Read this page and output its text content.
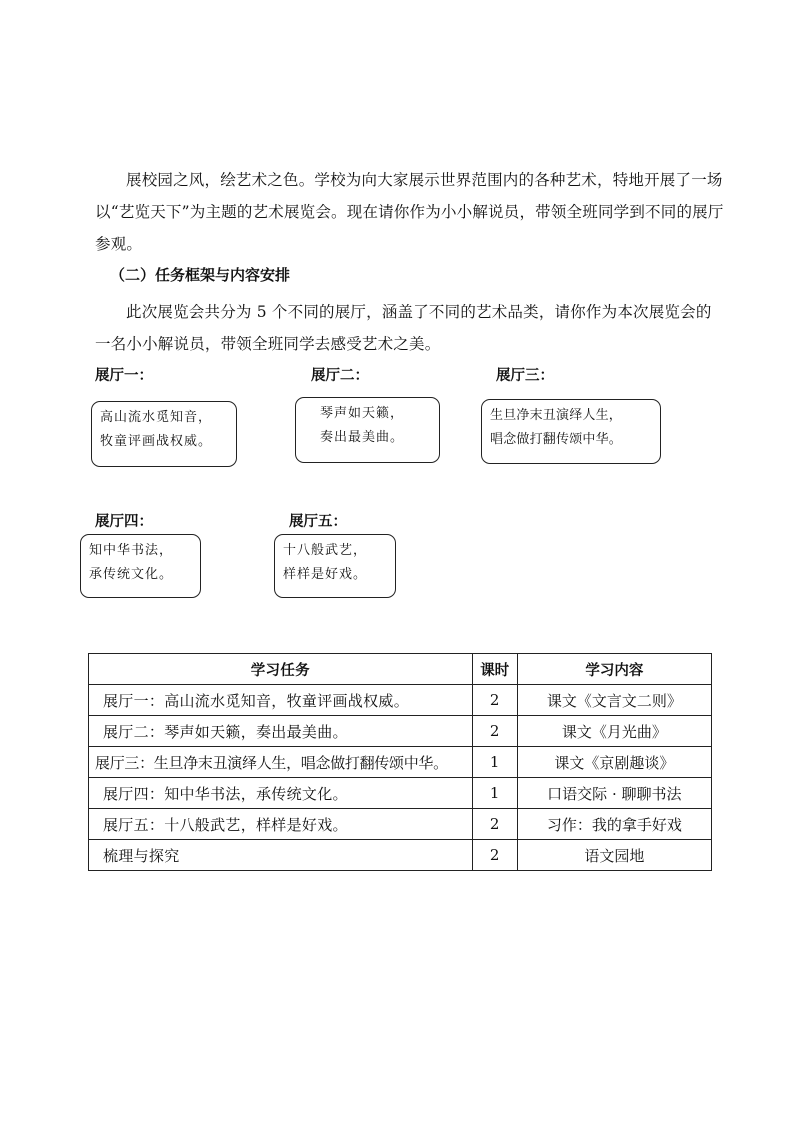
展校园之风，绘艺术之色。学校为向大家展示世界范围内的各种艺术，特地开展了一场以“艺览天下”为主题的艺术展览会。现在请你作为小小解说员，带领全班同学到不同的展厅参观。
（二）任务框架与内容安排
此次展览会共分为 5 个不同的展厅，涵盖了不同的艺术品类，请你作为本次展览会的一名小小解说员，带领全班同学去感受艺术之美。
展厅一：
高山流水觅知音，
牧童评画战权威。
展厅二：
琴声如天籁，
奏出最美曲。
展厅三：
生旦净末丑演绎人生，
唱念做打翻传颂中华。
展厅四：
知中华书法，
承传统文化。
展厅五：
十八般武艺，
样样是好戏。
学习任务	课时	学习内容
展厅一：高山流水觅知音，牧童评画战权威。	2	课文《文言文二则》
展厅二：琴声如天籁，奏出最美曲。	2	课文《月光曲》
展厅三：生旦净末丑演绎人生，唱念做打翻传颂中华。	1	课文《京剧趣谈》
展厅四：知中华书法，承传统文化。	1	口语交际 · 聊聊书法
展厅五：十八般武艺，样样是好戏。	2	习作：我的拿手好戏
梳理与探究	2	语文园地
